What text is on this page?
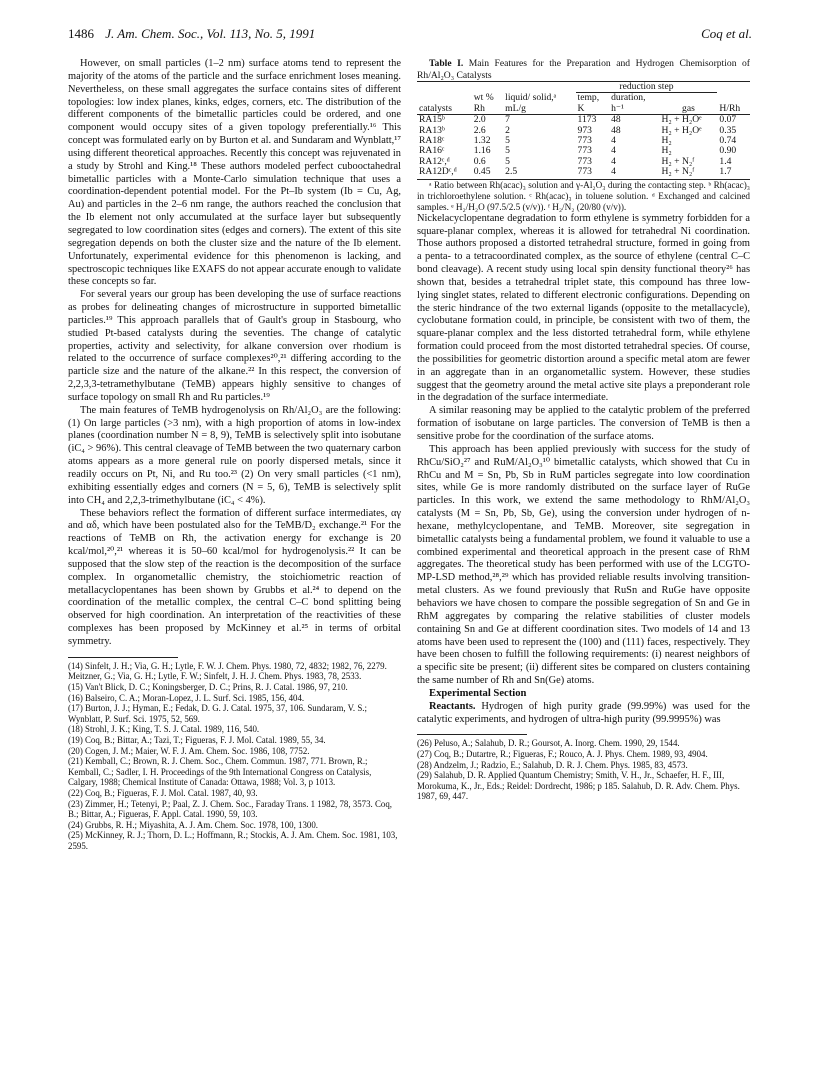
1486 J. Am. Chem. Soc., Vol. 113, No. 5, 1991	Coq et al.

However, on small particles (1–2 nm) surface atoms tend to represent the majority of the atoms of the particle and the surface enrichment loses meaning. Nevertheless, on these small aggregates the surface contains sites of different topologies: low index planes, kinks, edges, corners, etc. The distribution of the different components of the bimetallic particles could be ordered, and one component would occupy sites of a given topology preferentially.¹⁶ This concept was formulated early on by Burton et al. and Sundaram and Wynblatt,¹⁷ using different theoretical approaches. Recently this concept was rejuvenated in a study by Strohl and King.¹⁸ These authors modeled perfect cubooctahedral bimetallic particles with a Monte-Carlo simulation technique that uses a coordination-dependent potential model. For the Pt–Ib system (Ib = Cu, Ag, Au) and particles in the 2–6 nm range, the authors reached the conclusion that the Ib element not only accumulated at the surface layer but subsequently segregated to low coordination sites (edges and corners). The extent of this site segregation depends on both the cluster size and the nature of the Ib element. Unfortunately, experimental evidence for this phenomenon is lacking, and spectroscopic techniques like EXAFS do not appear accurate enough to validate these concepts so far.

For several years our group has been developing the use of surface reactions as probes for delineating changes of microstructure in supported bimetallic particles.¹⁹ This approach parallels that of Gault's group in Stasbourg, who studied Pt-based catalysts during the seventies. The change of catalytic properties, activity and selectivity, for alkane conversion over rhodium is related to the occurrence of surface complexes²⁰,²¹ differing according to the particle size and the nature of the alkane.²² In this respect, the conversion of 2,2,3,3-tetramethylbutane (TeMB) appears highly sensitive to changes of surface topology on small Rh and Ru particles.¹⁹

The main features of TeMB hydrogenolysis on Rh/Al₂O₃ are the following: (1) On large particles (>3 nm), with a high proportion of atoms in low-index planes (coordination number N = 8, 9), TeMB is selectively split into isobutane (iC₄ > 96%). This central cleavage of TeMB between the two quaternary carbon atoms appears as a more general rule on poorly dispersed metals, since it readily occurs on Pt, Ni, and Ru too.²³ (2) On very small particles (<1 nm), exhibiting essentially edges and corners (N = 5, 6), TeMB is selectively split into CH₄ and 2,2,3-trimethylbutane (iC₄ < 4%).

These behaviors reflect the formation of different surface intermediates, αγ and αδ, which have been postulated also for the TeMB/D₂ exchange.²¹ For the reactions of TeMB on Rh, the activation energy for exchange is 20 kcal/mol,²⁰,²¹ whereas it is 50–60 kcal/mol for hydrogenolysis.²² It can be supposed that the slow step of the reaction is the decomposition of the surface complex. In organometallic chemistry, the stoichiometric reaction of metallacyclopentanes has been shown by Grubbs et al.²⁴ to depend on the coordination of the metallic complex, the central C–C bond splitting being observed for high coordination. An interpretation of the reactivities of these complexes has been proposed by McKinney et al.²⁵ in terms of orbital symmetry.

(14) Sinfelt, J. H.; Via, G. H.; Lytle, F. W. J. Chem. Phys. 1980, 72, 4832; 1982, 76, 2279. Meitzner, G.; Via, G. H.; Lytle, F. W.; Sinfelt, J. H. J. Chem. Phys. 1983, 78, 2533.
(15) Van't Blick, D. C.; Koningsberger, D. C.; Prins, R. J. Catal. 1986, 97, 210.
(16) Balseiro, C. A.; Moran-Lopez, J. L. Surf. Sci. 1985, 156, 404.
(17) Burton, J. J.; Hyman, E.; Fedak, D. G. J. Catal. 1975, 37, 106. Sundaram, V. S.; Wynblatt, P. Surf. Sci. 1975, 52, 569.
(18) Strohl, J. K.; King, T. S. J. Catal. 1989, 116, 540.
(19) Coq, B.; Bittar, A.; Tazi, T.; Figueras, F. J. Mol. Catal. 1989, 55, 34.
(20) Cogen, J. M.; Maier, W. F. J. Am. Chem. Soc. 1986, 108, 7752.
(21) Kemball, C.; Brown, R. J. Chem. Soc., Chem. Commun. 1987, 771. Brown, R.; Kemball, C.; Sadler, I. H. Proceedings of the 9th International Congress on Catalysis, Calgary, 1988; Chemical Institute of Canada: Ottawa, 1988; Vol. 3, p 1013.
(22) Coq, B.; Figueras, F. J. Mol. Catal. 1987, 40, 93.
(23) Zimmer, H.; Tetenyi, P.; Paal, Z. J. Chem. Soc., Faraday Trans. 1 1982, 78, 3573. Coq, B.; Bittar, A.; Figueras, F. Appl. Catal. 1990, 59, 103.
(24) Grubbs, R. H.; Miyashita, A. J. Am. Chem. Soc. 1978, 100, 1300.
(25) McKinney, R. J.; Thorn, D. L.; Hoffmann, R.; Stockis, A. J. Am. Chem. Soc. 1981, 103, 2595.

Table I. Main Features for the Preparation and Hydrogen Chemisorption of Rh/Al₂O₃ Catalysts

			reduction step			
	wt %	liquid/ solid,ᵃ	temp,	duration,		
catalysts	Rh	mL/g	K	h⁻¹	gas	H/Rh
RA15ᵇ	2.0	7	1173	48	H₂ + H₂Oᵉ	0.07
RA13ᵇ	2.6	2	973	48	H₂ + H₂Oᵉ	0.35
RA18ᶜ	1.32	5	773	4	H₂	0.74
RA16ᶜ	1.16	5	773	4	H₂	0.90
RA12ᶜ,ᵈ	0.6	5	773	4	H₂ + N₂ᶠ	1.4
RA12Dᶜ,ᵈ	0.45	2.5	773	4	H₂ + N₂ᶠ	1.7

ᵃ Ratio between Rh(acac)₃ solution and γ-Al₂O₃ during the contacting step. ᵇ Rh(acac)₃ in trichloroethylene solution. ᶜ Rh(acac)₃ in toluene solution. ᵈ Exchanged and calcined samples. ᵉ H₂/H₂O (97.5/2.5 (v/v)). ᶠ H₂/N₂ (20/80 (v/v)).

Nickelacyclopentane degradation to form ethylene is symmetry forbidden for a square-planar complex, whereas it is allowed for tetrahedral Ni coordination. Those authors proposed a distorted tetrahedral structure, formed in going from a penta- to a tetracoordinated complex, as the source of ethylene (central C–C bond cleavage). A recent study using local spin density functional theory²⁶ has shown that, besides a tetrahedral triplet state, this compound has three low-lying singlet states, related to different electronic configurations. Depending on the steric hindrance of the two external ligands (opposite to the metallacycle), cyclobutane formation could, in principle, be consistent with two of them, the square-planar complex and the less distorted tetrahedral form, while ethylene formation could proceed from the most distorted tetrahedral species. Of course, the possibilities for geometric distortion around a specific metal atom are fewer in an aggregate than in an organometallic system. However, these studies suggest that the geometry around the metal active site plays a preponderant role in the degradation of the surface intermediate.

A similar reasoning may be applied to the catalytic problem of the preferred formation of isobutane on large particles. The conversion of TeMB is then a sensitive probe for the coordination of the surface atoms.

This approach has been applied previously with success for the study of RhCu/SiO₂²⁷ and RuM/Al₂O₃¹⁰ bimetallic catalysts, which showed that Cu in RhCu and M = Sn, Pb, Sb in RuM particles segregate into low coordination sites, while Ge is more randomly distributed on the surface layer of RuGe particles. In this work, we extend the same methodology to RhM/Al₂O₃ catalysts (M = Sn, Pb, Sb, Ge), using the conversion under hydrogen of n-hexane, methylcyclopentane, and TeMB. Moreover, site segregation in bimetallic catalysts being a fundamental problem, we found it valuable to use a combined experimental and theoretical approach in the present case of RhM aggregates. The theoretical study has been performed with use of the LCGTO-MP-LSD method,²⁸,²⁹ which has provided reliable results involving transition-metal clusters. As we found previously that RuSn and RuGe have opposite behaviors we have chosen to compare the possible segregation of Sn and Ge in RhM aggregates by comparing the relative stabilities of cluster models containing Sn and Ge at different coordination sites. Two models of 14 and 13 atoms have been used to represent the (100) and (111) faces, respectively. They have been chosen to fulfill the following requirements: (i) nearest neighbors of a specific site be present; (ii) different sites be compared on clusters containing the same number of Rh and Sn(Ge) atoms.

Experimental Section

Reactants. Hydrogen of high purity grade (99.99%) was used for the catalytic experiments, and hydrogen of ultra-high purity (99.9995%) was

(26) Peluso, A.; Salahub, D. R.; Goursot, A. Inorg. Chem. 1990, 29, 1544.
(27) Coq, B.; Dutartre, R.; Figueras, F.; Rouco, A. J. Phys. Chem. 1989, 93, 4904.
(28) Andzelm, J.; Radzio, E.; Salahub, D. R. J. Chem. Phys. 1985, 83, 4573.
(29) Salahub, D. R. Applied Quantum Chemistry; Smith, V. H., Jr., Schaefer, H. F., III, Morokuma, K., Jr., Eds.; Reidel: Dordrecht, 1986; p 185. Salahub, D. R. Adv. Chem. Phys. 1987, 69, 447.
